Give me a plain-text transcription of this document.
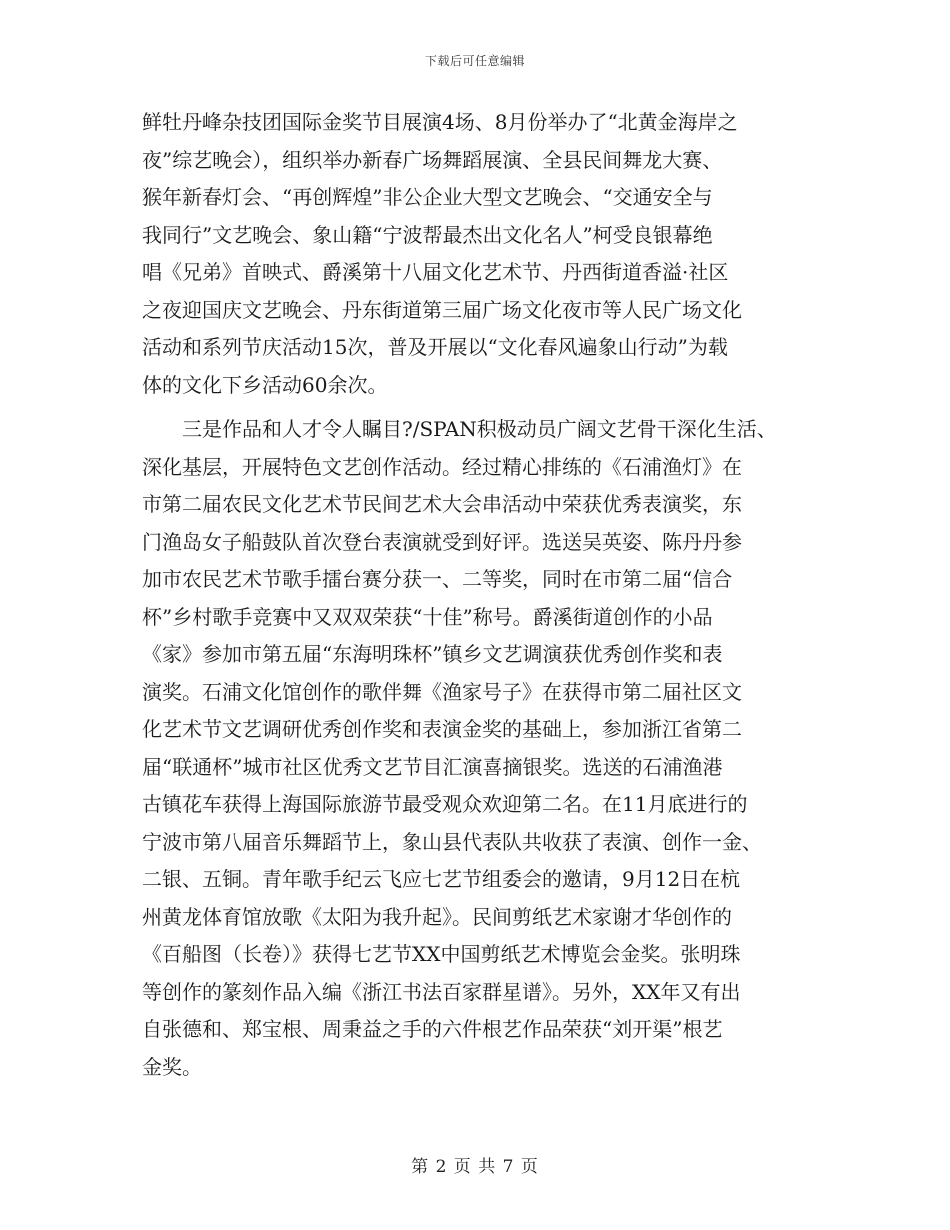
下载后可任意编辑
鲜牡丹峰杂技团国际金奖节目展演4场、8月份举办了“北黄金海岸之
夜”综艺晚会），组织举办新春广场舞蹈展演、全县民间舞龙大赛、
猴年新春灯会、“再创辉煌”非公企业大型文艺晚会、“交通安全与
我同行”文艺晚会、象山籍“宁波帮最杰出文化名人”柯受良银幕绝
唱《兄弟》首映式、爵溪第十八届文化艺术节、丹西街道香溢·社区
之夜迎国庆文艺晚会、丹东街道第三届广场文化夜市等人民广场文化
活动和系列节庆活动15次，普及开展以“文化春风遍象山行动”为载
体的文化下乡活动60余次。
　　三是作品和人才令人瞩目?/SPAN积极动员广阔文艺骨干深化生活、
深化基层，开展特色文艺创作活动。经过精心排练的《石浦渔灯》在
市第二届农民文化艺术节民间艺术大会串活动中荣获优秀表演奖，东
门渔岛女子船鼓队首次登台表演就受到好评。选送吴英姿、陈丹丹参
加市农民艺术节歌手擂台赛分获一、二等奖，同时在市第二届“信合
杯”乡村歌手竞赛中又双双荣获“十佳”称号。爵溪街道创作的小品
《家》参加市第五届“东海明珠杯”镇乡文艺调演获优秀创作奖和表
演奖。石浦文化馆创作的歌伴舞《渔家号子》在获得市第二届社区文
化艺术节文艺调研优秀创作奖和表演金奖的基础上，参加浙江省第二
届“联通杯”城市社区优秀文艺节目汇演喜摘银奖。选送的石浦渔港
古镇花车获得上海国际旅游节最受观众欢迎第二名。在11月底进行的
宁波市第八届音乐舞蹈节上，象山县代表队共收获了表演、创作一金、
二银、五铜。青年歌手纪云飞应七艺节组委会的邀请，9月12日在杭
州黄龙体育馆放歌《太阳为我升起》。民间剪纸艺术家谢才华创作的
《百船图（长卷）》获得七艺节XX中国剪纸艺术博览会金奖。张明珠
等创作的篆刻作品入编《浙江书法百家群星谱》。另外，XX年又有出
自张德和、郑宝根、周秉益之手的六件根艺作品荣获“刘开渠”根艺
金奖。
第 2 页 共 7 页
